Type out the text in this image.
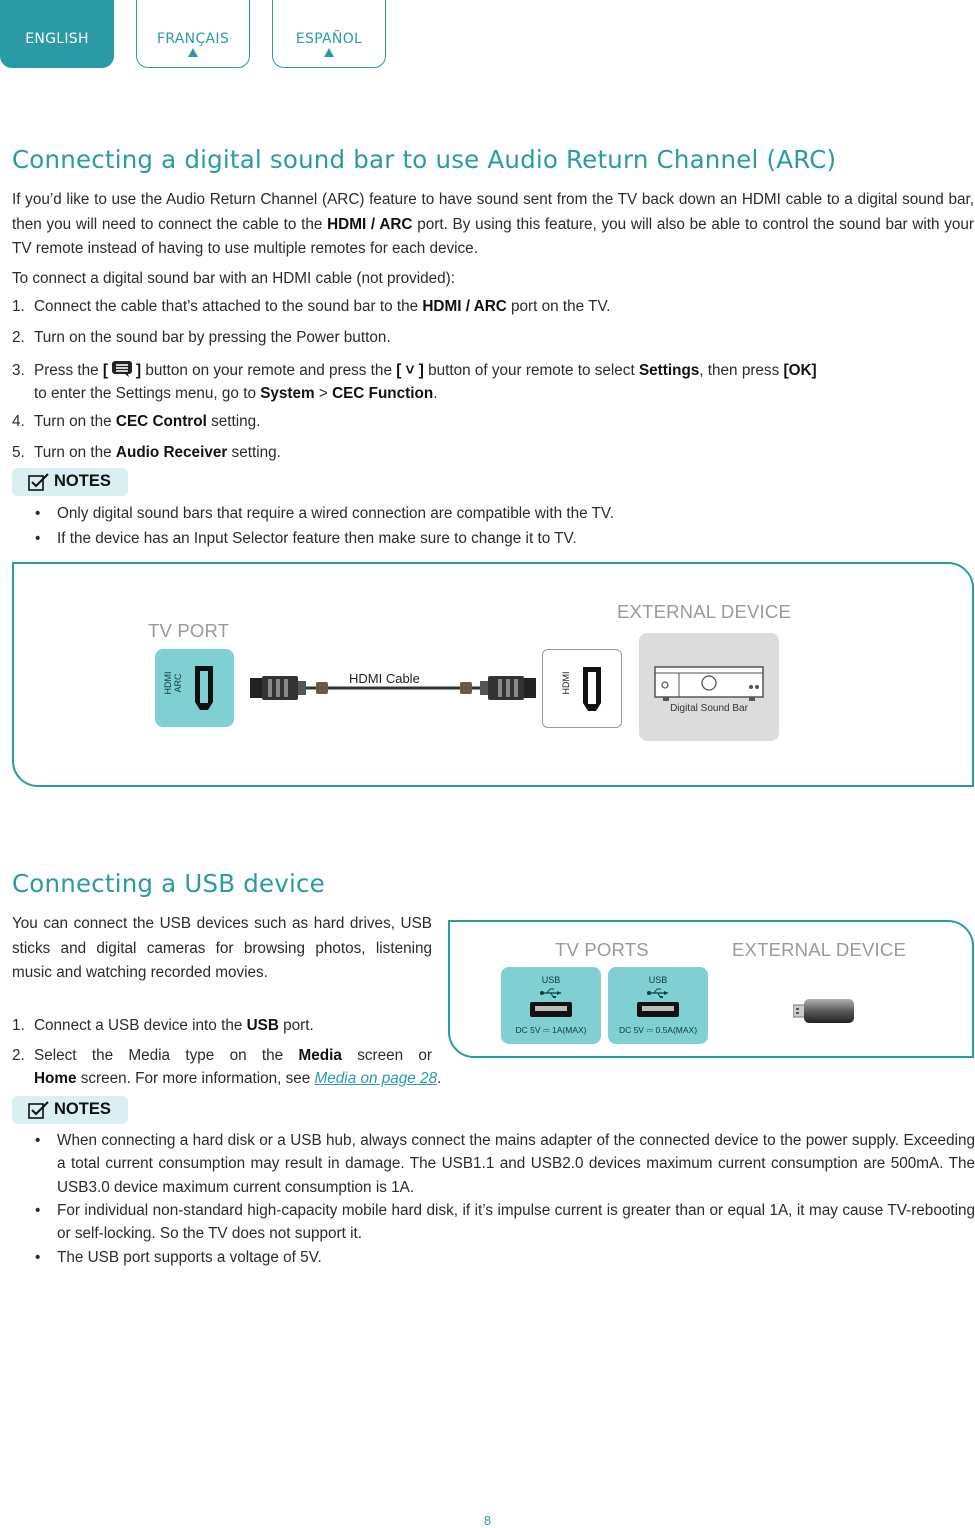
ENGLISH	FRANÇAIS	ESPAÑOL
Connecting a digital sound bar to use Audio Return Channel (ARC)
If you’d like to use the Audio Return Channel (ARC) feature to have sound sent from the TV back down an HDMI cable to a digital sound bar, then you will need to connect the cable to the HDMI / ARC port. By using this feature, you will also be able to control the sound bar with your TV remote instead of having to use multiple remotes for each device.
To connect a digital sound bar with an HDMI cable (not provided):
1. Connect the cable that’s attached to the sound bar to the HDMI / ARC port on the TV.
2. Turn on the sound bar by pressing the Power button.
3. Press the [ ] button on your remote and press the [ ˅ ] button of your remote to select Settings, then press [OK]
to enter the Settings menu, go to System > CEC Function.
4. Turn on the CEC Control setting.
5. Turn on the Audio Receiver setting.
NOTES
• Only digital sound bars that require a wired connection are compatible with the TV.
• If the device has an Input Selector feature then make sure to change it to TV.
TV PORT
EXTERNAL DEVICE
HDMI ARC	HDMI Cable	HDMI
Digital Sound Bar
Connecting a USB device
You can connect the USB devices such as hard drives, USB sticks and digital cameras for browsing photos, listening music and watching recorded movies.
1. Connect a USB device into the USB port.
2. Select the Media type on the Media screen or
Home screen. For more information, see Media on page 28.
TV PORTS	EXTERNAL DEVICE
USB
DC 5V ⎓ 1A(MAX)
USB
DC 5V ⎓ 0.5A(MAX)
NOTES
• When connecting a hard disk or a USB hub, always connect the mains adapter of the connected device to the power supply. Exceeding a total current consumption may result in damage. The USB1.1 and USB2.0 devices maximum current consumption are 500mA. The USB3.0 device maximum current consumption is 1A.
• For individual non-standard high-capacity mobile hard disk, if it’s impulse current is greater than or equal 1A, it may cause TV-rebooting or self-locking. So the TV does not support it.
• The USB port supports a voltage of 5V.
8
